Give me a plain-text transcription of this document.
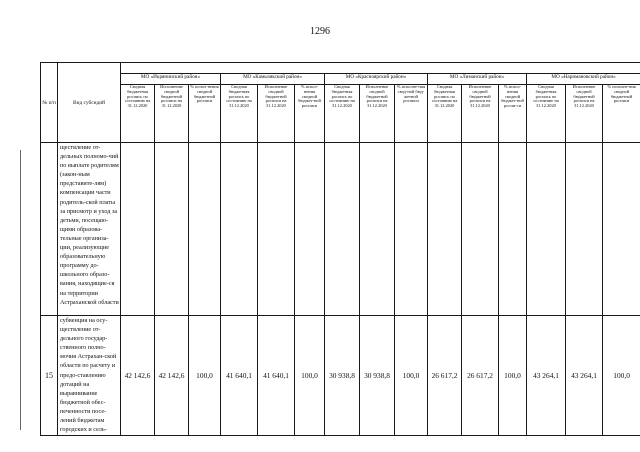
1296
№ п/п	Вид субсидий															
		МО «Икрянинский район»			МО «Камызякский район»			МО «Красноярский район»			МО «Лиманский район»			МО «Наримановский район»		
		Сводная бюджетная роспись по состоянию на 31.12.2020	Исполнение сводной бюджетной росписи на 31.12.2020	% испол-нения сводной бюджетной росписи	Сводная бюджетная роспись по состоянию на 31.12.2020	Исполнение сводной бюджетной росписи на 31.12.2020	% испол-нения сводной бюджет-ной росписи	Сводная бюджетная роспись по состоянию на 31.12.2020	Исполнение сводной бюджетной росписи на 31.12.2020	% исполне-ния свод-ной бюд-жетной росписи	Сводная бюджетная роспись по состоянию на 31.12.2020	Исполнение сводной бюджетной росписи на 31.12.2020	% испол-нения сводной бюджет-ной роспи-си	Сводная бюджетная роспись по состоянию на 31.12.2020	Исполнение сводной бюджетной росписи на 31.12.2020	% исполне-ния сводной бюджетной росписи
	ществление от-дельных полномо-чий по выплате родителям (закон-ным представите-лям) компенсации части родитель-ской платы за присмотр и уход за детьми, посещаю-щими образова-тельные организа-ции, реализующие образовательную программу до-школьного образо-вания, находящие-ся на территории Астраханской области															
15	субвенция на осу-ществление от-дельного государ-ственного полно-мочия Астрахан-ской области по расчету и предо-ставлению дотаций на выравнивание бюджетной обес-печенности посе-лений бюджетам городских и сель-	42 142,6	42 142,6	100,0	41 640,1	41 640,1	100,0	30 938,8	30 938,8	100,0	26 617,2	26 617,2	100,0	43 264,1	43 264,1	100,0
